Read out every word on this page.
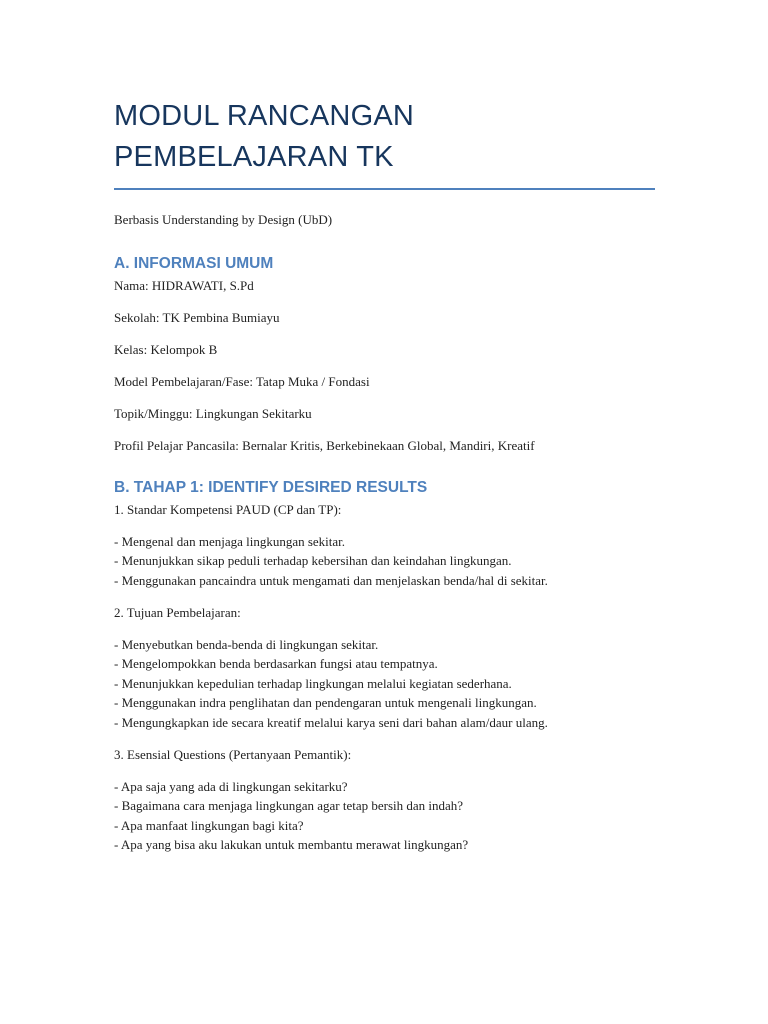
MODUL RANCANGAN PEMBELAJARAN TK

Berbasis Understanding by Design (UbD)

A. INFORMASI UMUM

Nama: HIDRAWATI, S.Pd

Sekolah: TK Pembina Bumiayu

Kelas: Kelompok B

Model Pembelajaran/Fase: Tatap Muka / Fondasi

Topik/Minggu: Lingkungan Sekitarku

Profil Pelajar Pancasila: Bernalar Kritis, Berkebinekaan Global, Mandiri, Kreatif

B. TAHAP 1: IDENTIFY DESIRED RESULTS

1. Standar Kompetensi PAUD (CP dan TP):

- Mengenal dan menjaga lingkungan sekitar.
- Menunjukkan sikap peduli terhadap kebersihan dan keindahan lingkungan.
- Menggunakan pancaindra untuk mengamati dan menjelaskan benda/hal di sekitar.

2. Tujuan Pembelajaran:

- Menyebutkan benda-benda di lingkungan sekitar.
- Mengelompokkan benda berdasarkan fungsi atau tempatnya.
- Menunjukkan kepedulian terhadap lingkungan melalui kegiatan sederhana.
- Menggunakan indra penglihatan dan pendengaran untuk mengenali lingkungan.
- Mengungkapkan ide secara kreatif melalui karya seni dari bahan alam/daur ulang.

3. Esensial Questions (Pertanyaan Pemantik):

- Apa saja yang ada di lingkungan sekitarku?
- Bagaimana cara menjaga lingkungan agar tetap bersih dan indah?
- Apa manfaat lingkungan bagi kita?
- Apa yang bisa aku lakukan untuk membantu merawat lingkungan?
